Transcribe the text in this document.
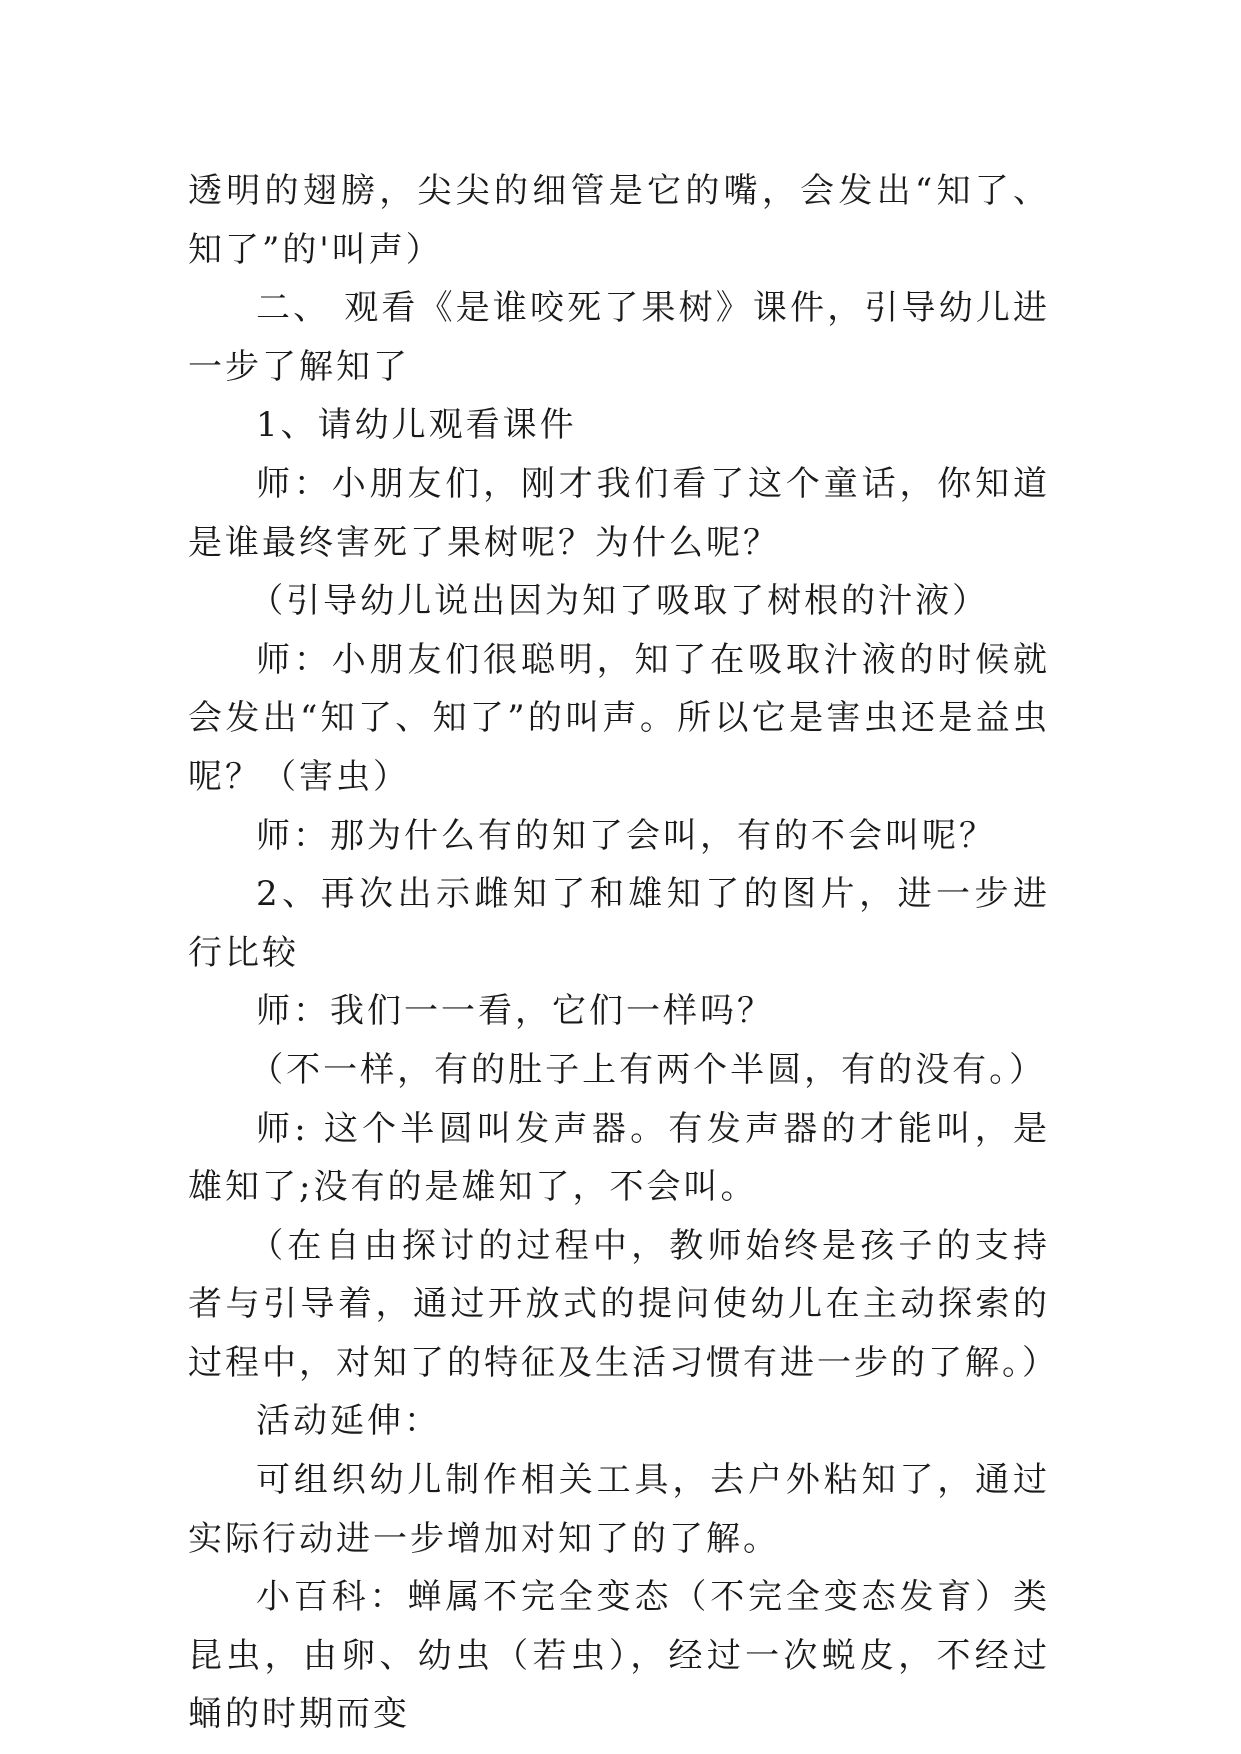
透明的翅膀，尖尖的细管是它的嘴，会发出“知了、知了”的'叫声）

二、 观看《是谁咬死了果树》课件，引导幼儿进一步了解知了

1、请幼儿观看课件

师：小朋友们，刚才我们看了这个童话，你知道是谁最终害死了果树呢？为什么呢？

（引导幼儿说出因为知了吸取了树根的汁液）

师：小朋友们很聪明，知了在吸取汁液的时候就会发出“知了、知了”的叫声。所以它是害虫还是益虫呢？（害虫）

师：那为什么有的知了会叫，有的不会叫呢？

2、再次出示雌知了和雄知了的图片，进一步进行比较

师：我们一一看，它们一样吗？

（不一样，有的肚子上有两个半圆，有的没有。）

师: 这个半圆叫发声器。有发声器的才能叫，是雄知了;没有的是雄知了，不会叫。

（在自由探讨的过程中，教师始终是孩子的支持者与引导着，通过开放式的提问使幼儿在主动探索的过程中，对知了的特征及生活习惯有进一步的了解。）

活动延伸：

可组织幼儿制作相关工具，去户外粘知了，通过实际行动进一步增加对知了的了解。

小百科：蝉属不完全变态（不完全变态发育）类昆虫，由卵、幼虫（若虫），经过一次蜕皮，不经过蛹的时期而变
